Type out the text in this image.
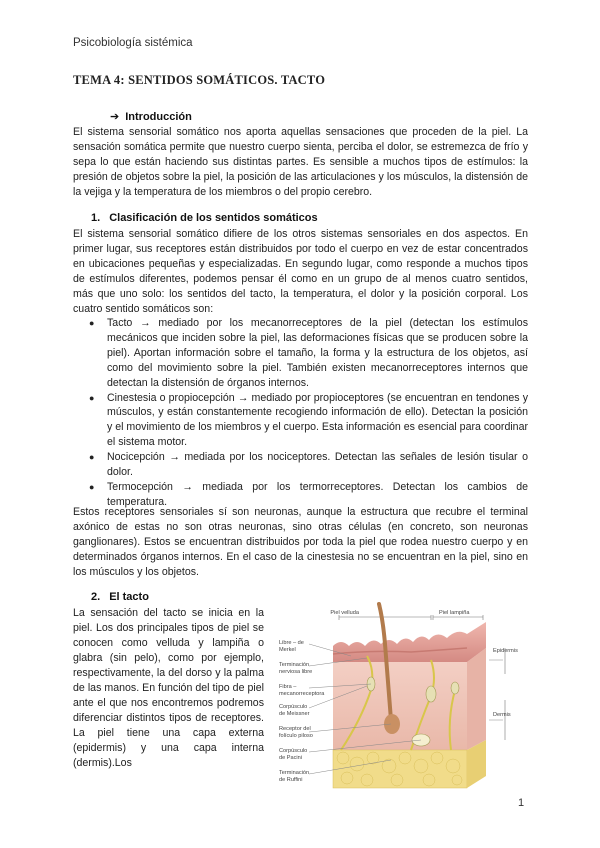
Psicobiología sistémica
TEMA 4: SENTIDOS SOMÁTICOS. TACTO
➔ Introducción

El sistema sensorial somático nos aporta aquellas sensaciones que proceden de la piel. La sensación somática permite que nuestro cuerpo sienta, perciba el dolor, se estremezca de frío y sepa lo que están haciendo sus distintas partes. Es sensible a muchos tipos de estímulos: la presión de objetos sobre la piel, la posición de las articulaciones y los músculos, la distensión de la vejiga y la temperatura de los miembros o del propio cerebro.

1. Clasificación de los sentidos somáticos

El sistema sensorial somático difiere de los otros sistemas sensoriales en dos aspectos. En primer lugar, sus receptores están distribuidos por todo el cuerpo en vez de estar concentrados en ubicaciones pequeñas y especializadas. En segundo lugar, como responde a muchos tipos de estímulos diferentes, podemos pensar él como en un grupo de al menos cuatro sentidos, más que uno solo: los sentidos del tacto, la temperatura, el dolor y la posición corporal. Los cuatro sentido somáticos son:

● Tacto → mediado por los mecanorreceptores de la piel (detectan los estímulos mecánicos que inciden sobre la piel, las deformaciones físicas que se producen sobre la piel). Aportan información sobre el tamaño, la forma y la estructura de los objetos, así como del movimiento sobre la piel. También existen mecanorreceptores internos que detectan la distensión de órganos internos.
● Cinestesia o propiocepción → mediado por propioceptores (se encuentran en tendones y músculos, y están constantemente recogiendo información de ello). Detectan la posición y el movimiento de los miembros y el cuerpo. Esta información es esencial para coordinar el sistema motor.
● Nocicepción → mediada por los nociceptores. Detectan las señales de lesión tisular o dolor.
● Termocepción → mediada por los termorreceptores. Detectan los cambios de temperatura.

Estos receptores sensoriales sí son neuronas, aunque la estructura que recubre el terminal axónico de estas no son otras neuronas, sino otras células (en concreto, son neuronas ganglionares). Estos se encuentran distribuidos por toda la piel que rodea nuestro cuerpo y en determinados órganos internos. En el caso de la cinestesia no se encuentran en la piel, sino en los músculos y los objetos.

2. El tacto

La sensación del tacto se inicia en la piel. Los dos principales tipos de piel se conocen como velluda y lampiña o glabra (sin pelo), como por ejemplo, respectivamente, la del dorso y la palma de las manos. En función del tipo de piel ante el que nos encontremos podremos diferenciar distintos tipos de receptores. La piel tiene una capa externa (epidermis) y una capa interna (dermis).Los

Piel velluda	Piel lampiña
Libre – de Merkel
Terminación nerviosa libre
Fibra – mecanorreceptora
Corpúsculo de Meissner
Receptor del folículo piloso
Corpúsculo de Pacini
Terminación de Ruffini
Epidermis
Dermis
1
